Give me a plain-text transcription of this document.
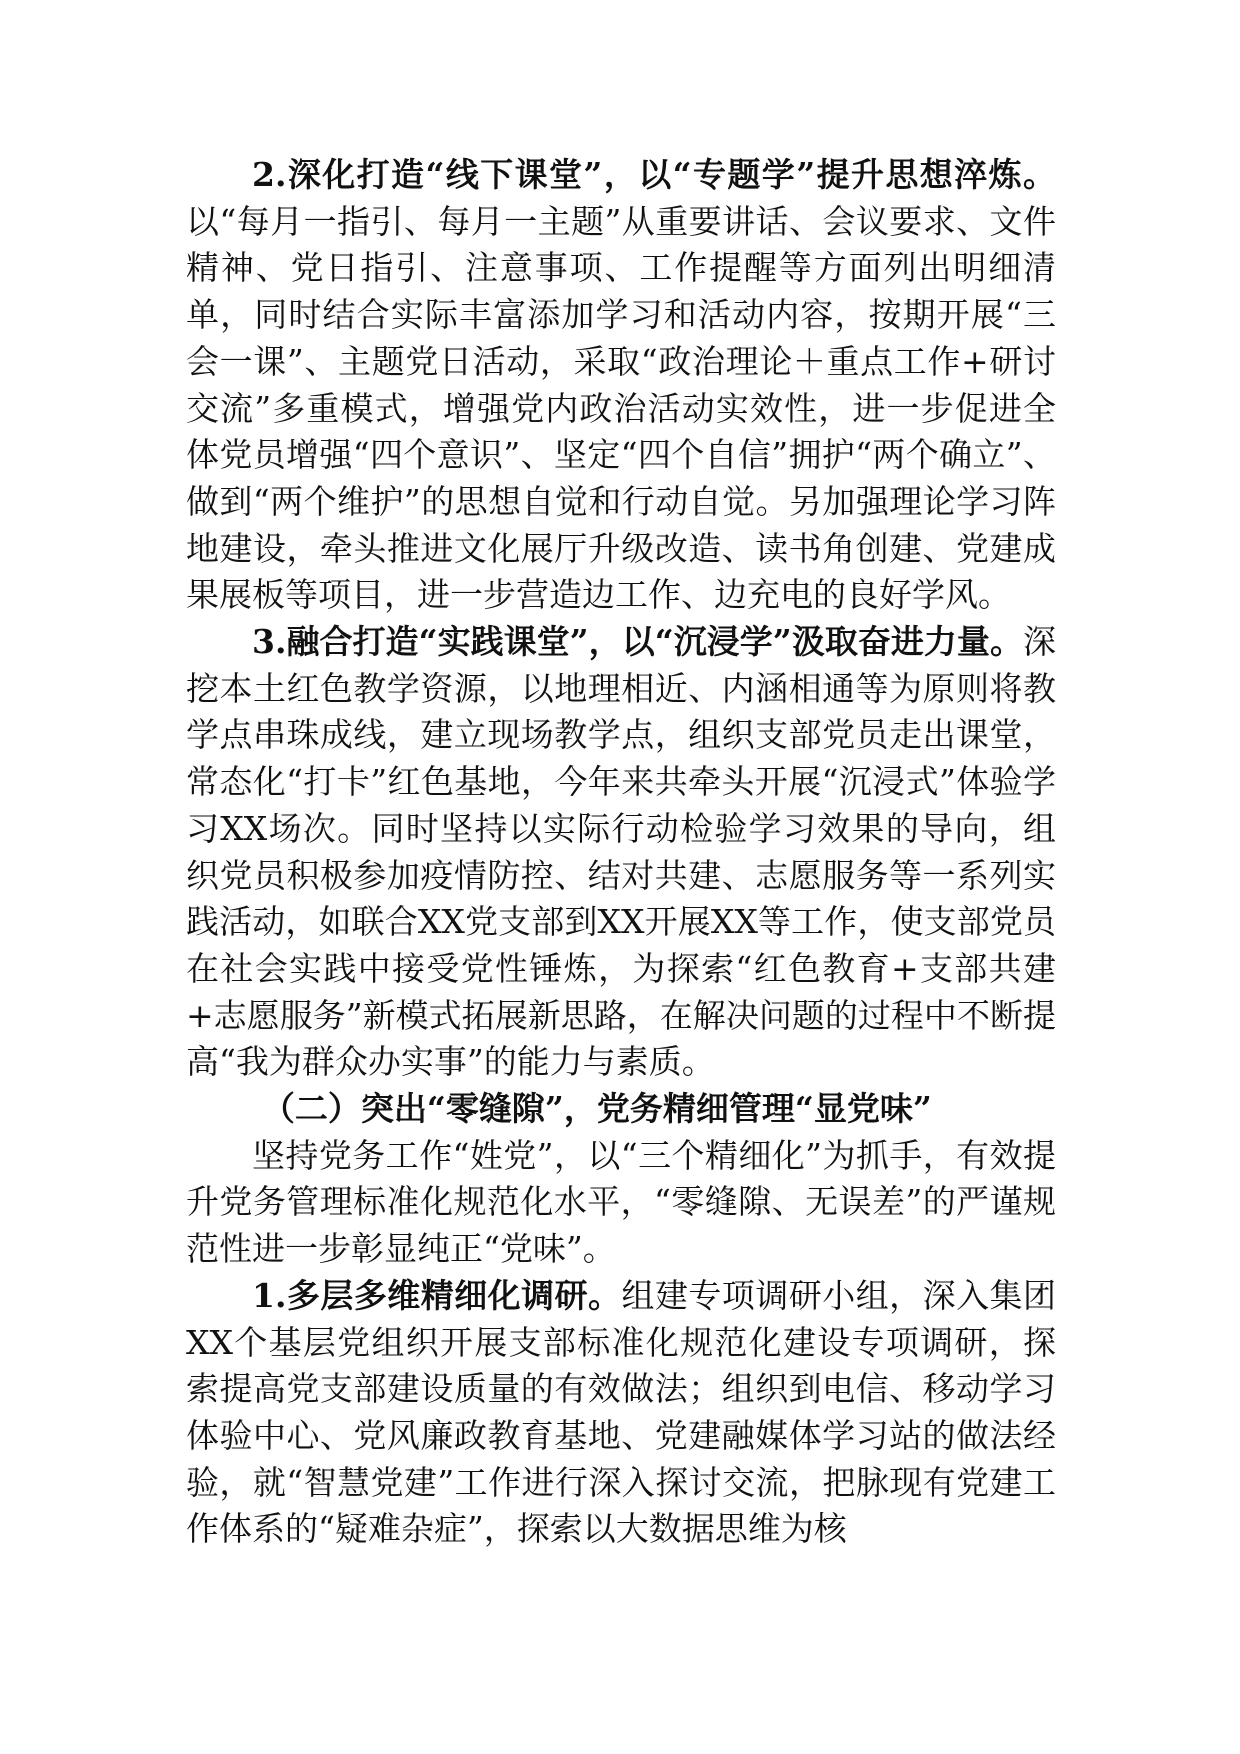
2.深化打造“线下课堂”，以“专题学”提升思想淬炼。以“每月一指引、每月一主题”从重要讲话、会议要求、文件精神、党日指引、注意事项、工作提醒等方面列出明细清单，同时结合实际丰富添加学习和活动内容，按期开展“三会一课”、主题党日活动，采取“政治理论＋重点工作+研讨交流”多重模式，增强党内政治活动实效性，进一步促进全体党员增强“四个意识”、坚定“四个自信”拥护“两个确立”、做到“两个维护”的思想自觉和行动自觉。另加强理论学习阵地建设，牵头推进文化展厅升级改造、读书角创建、党建成果展板等项目，进一步营造边工作、边充电的良好学风。

3.融合打造“实践课堂”，以“沉浸学”汲取奋进力量。深挖本土红色教学资源，以地理相近、内涵相通等为原则将教学点串珠成线，建立现场教学点，组织支部党员走出课堂，常态化“打卡”红色基地，今年来共牵头开展“沉浸式”体验学习XX场次。同时坚持以实际行动检验学习效果的导向，组织党员积极参加疫情防控、结对共建、志愿服务等一系列实践活动，如联合XX党支部到XX开展XX等工作，使支部党员在社会实践中接受党性锤炼，为探索“红色教育+支部共建+志愿服务”新模式拓展新思路，在解决问题的过程中不断提高“我为群众办实事”的能力与素质。

（二）突出“零缝隙”，党务精细管理“显党味”

坚持党务工作“姓党”，以“三个精细化”为抓手，有效提升党务管理标准化规范化水平，“零缝隙、无误差”的严谨规范性进一步彰显纯正“党味”。

1.多层多维精细化调研。组建专项调研小组，深入集团XX个基层党组织开展支部标准化规范化建设专项调研，探索提高党支部建设质量的有效做法；组织到电信、移动学习体验中心、党风廉政教育基地、党建融媒体学习站的做法经验，就“智慧党建”工作进行深入探讨交流，把脉现有党建工作体系的“疑难杂症”，探索以大数据思维为核
